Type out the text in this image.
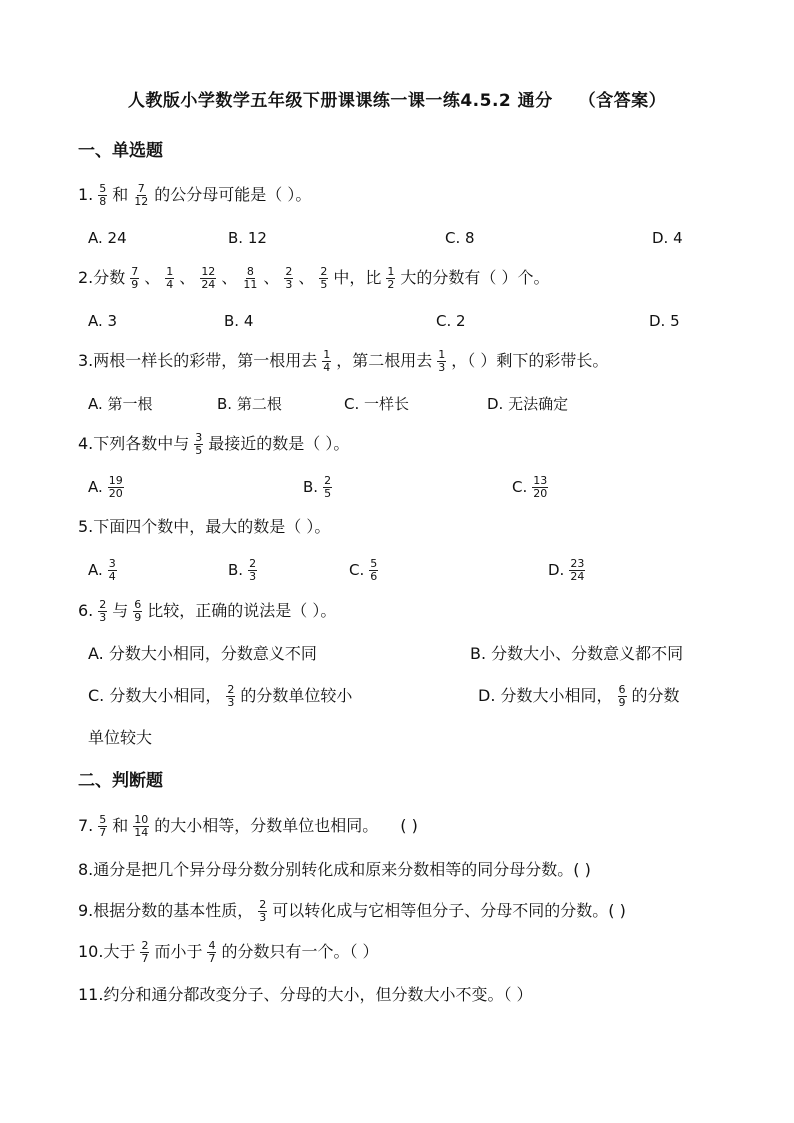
人教版小学数学五年级下册课课练一课一练4.5.2 通分 （含答案）
一、单选题
1. $\frac{5}{8}$ 和 $\frac{7}{12}$ 的公分母可能是（ ）。
A. 24	B. 12	C. 8	D. 4
2.分数 $\frac{7}{9}$ 、 $\frac{1}{4}$ 、 $\frac{12}{24}$ 、 $\frac{8}{11}$ 、 $\frac{2}{3}$ 、 $\frac{2}{5}$ 中，比 $\frac{1}{2}$ 大的分数有（ ）个。
A. 3	B. 4	C. 2	D. 5
3.两根一样长的彩带，第一根用去 $\frac{1}{4}$ ，第二根用去 $\frac{1}{3}$ ，（ ）剩下的彩带长。
A. 第一根	B. 第二根	C. 一样长	D. 无法确定
4.下列各数中与 $\frac{3}{5}$ 最接近的数是（ ）。
A. $\frac{19}{20}$	B. $\frac{2}{5}$	C. $\frac{13}{20}$
5.下面四个数中，最大的数是（ ）。
A. $\frac{3}{4}$	B. $\frac{2}{3}$	C. $\frac{5}{6}$	D. $\frac{23}{24}$
6. $\frac{2}{3}$ 与 $\frac{6}{9}$ 比较，正确的说法是（ ）。
A. 分数大小相同，分数意义不同	B. 分数大小、分数意义都不同
C. 分数大小相同， $\frac{2}{3}$ 的分数单位较小	D. 分数大小相同， $\frac{6}{9}$ 的分数
单位较大
二、判断题
7. $\frac{5}{7}$ 和 $\frac{10}{14}$ 的大小相等，分数单位也相同。 ( )
8.通分是把几个异分母分数分别转化成和原来分数相等的同分母分数。( )
9.根据分数的基本性质， $\frac{2}{3}$ 可以转化成与它相等但分子、分母不同的分数。( )
10.大于 $\frac{2}{7}$ 而小于 $\frac{4}{7}$ 的分数只有一个。（ ）
11.约分和通分都改变分子、分母的大小，但分数大小不变。（ ）
